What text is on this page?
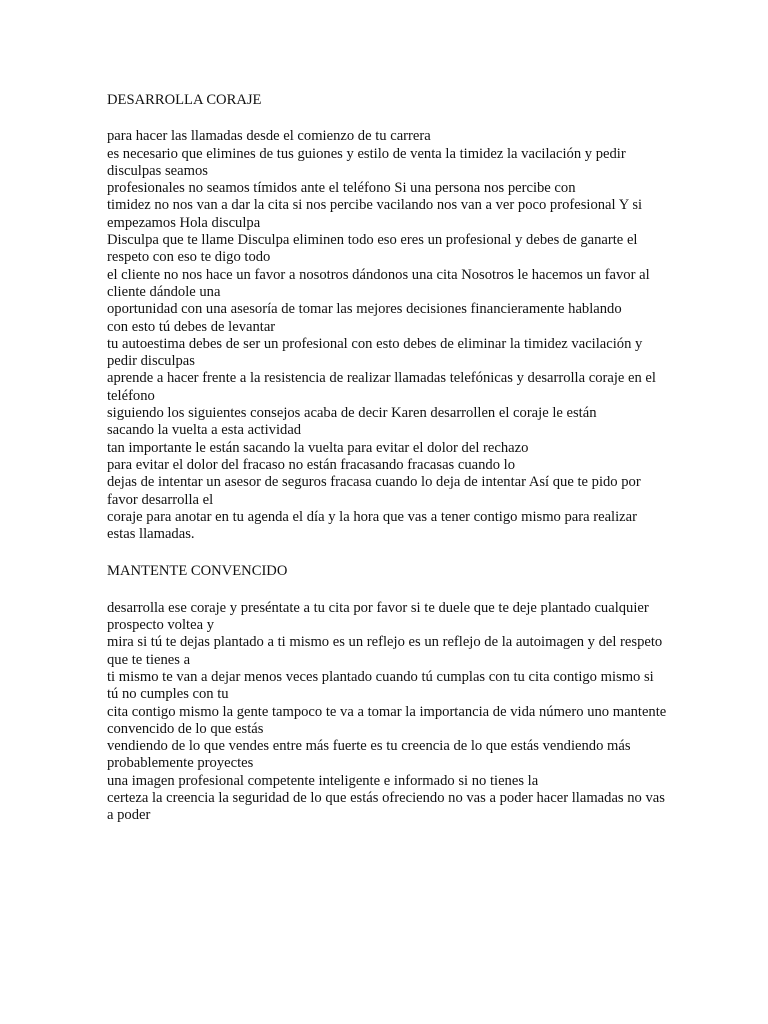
DESARROLLA CORAJE

para hacer las llamadas desde el comienzo de tu carrera

es necesario que elimines de tus guiones y estilo de venta la timidez la vacilación y pedir disculpas seamos

profesionales no seamos tímidos ante el teléfono Si una persona nos percibe con

timidez no nos van a dar la cita si nos percibe vacilando nos van a ver poco profesional Y si empezamos Hola disculpa

Disculpa que te llame Disculpa eliminen todo eso eres un profesional y debes de ganarte el respeto con eso te digo todo

el cliente no nos hace un favor a nosotros dándonos una cita Nosotros le hacemos un favor al cliente dándole una

oportunidad con una asesoría de tomar las mejores decisiones financieramente hablando

con esto tú debes de levantar

tu autoestima debes de ser un profesional con esto debes de eliminar la timidez vacilación y pedir disculpas

aprende a hacer frente a la resistencia de realizar llamadas telefónicas y desarrolla coraje en el teléfono

siguiendo los siguientes consejos acaba de decir Karen desarrollen el coraje le están

sacando la vuelta a esta actividad

tan importante le están sacando la vuelta para evitar el dolor del rechazo

para evitar el dolor del fracaso no están fracasando fracasas cuando lo

dejas de intentar un asesor de seguros fracasa cuando lo deja de intentar Así que te pido por favor desarrolla el

coraje para anotar en tu agenda el día y la hora que vas a tener contigo mismo para realizar estas llamadas.

MANTENTE CONVENCIDO

desarrolla ese coraje y preséntate a tu cita por favor si te duele que te deje plantado cualquier prospecto voltea y

mira si tú te dejas plantado a ti mismo es un reflejo es un reflejo de la autoimagen y del respeto que te tienes a

ti mismo te van a dejar menos veces plantado cuando tú cumplas con tu cita contigo mismo si tú no cumples con tu

cita contigo mismo la gente tampoco te va a tomar la importancia de vida número uno mantente convencido de lo que estás

vendiendo de lo que vendes entre más fuerte es tu creencia de lo que estás vendiendo más probablemente proyectes

una imagen profesional competente inteligente e informado si no tienes la

certeza la creencia la seguridad de lo que estás ofreciendo no vas a poder hacer llamadas no vas a poder
